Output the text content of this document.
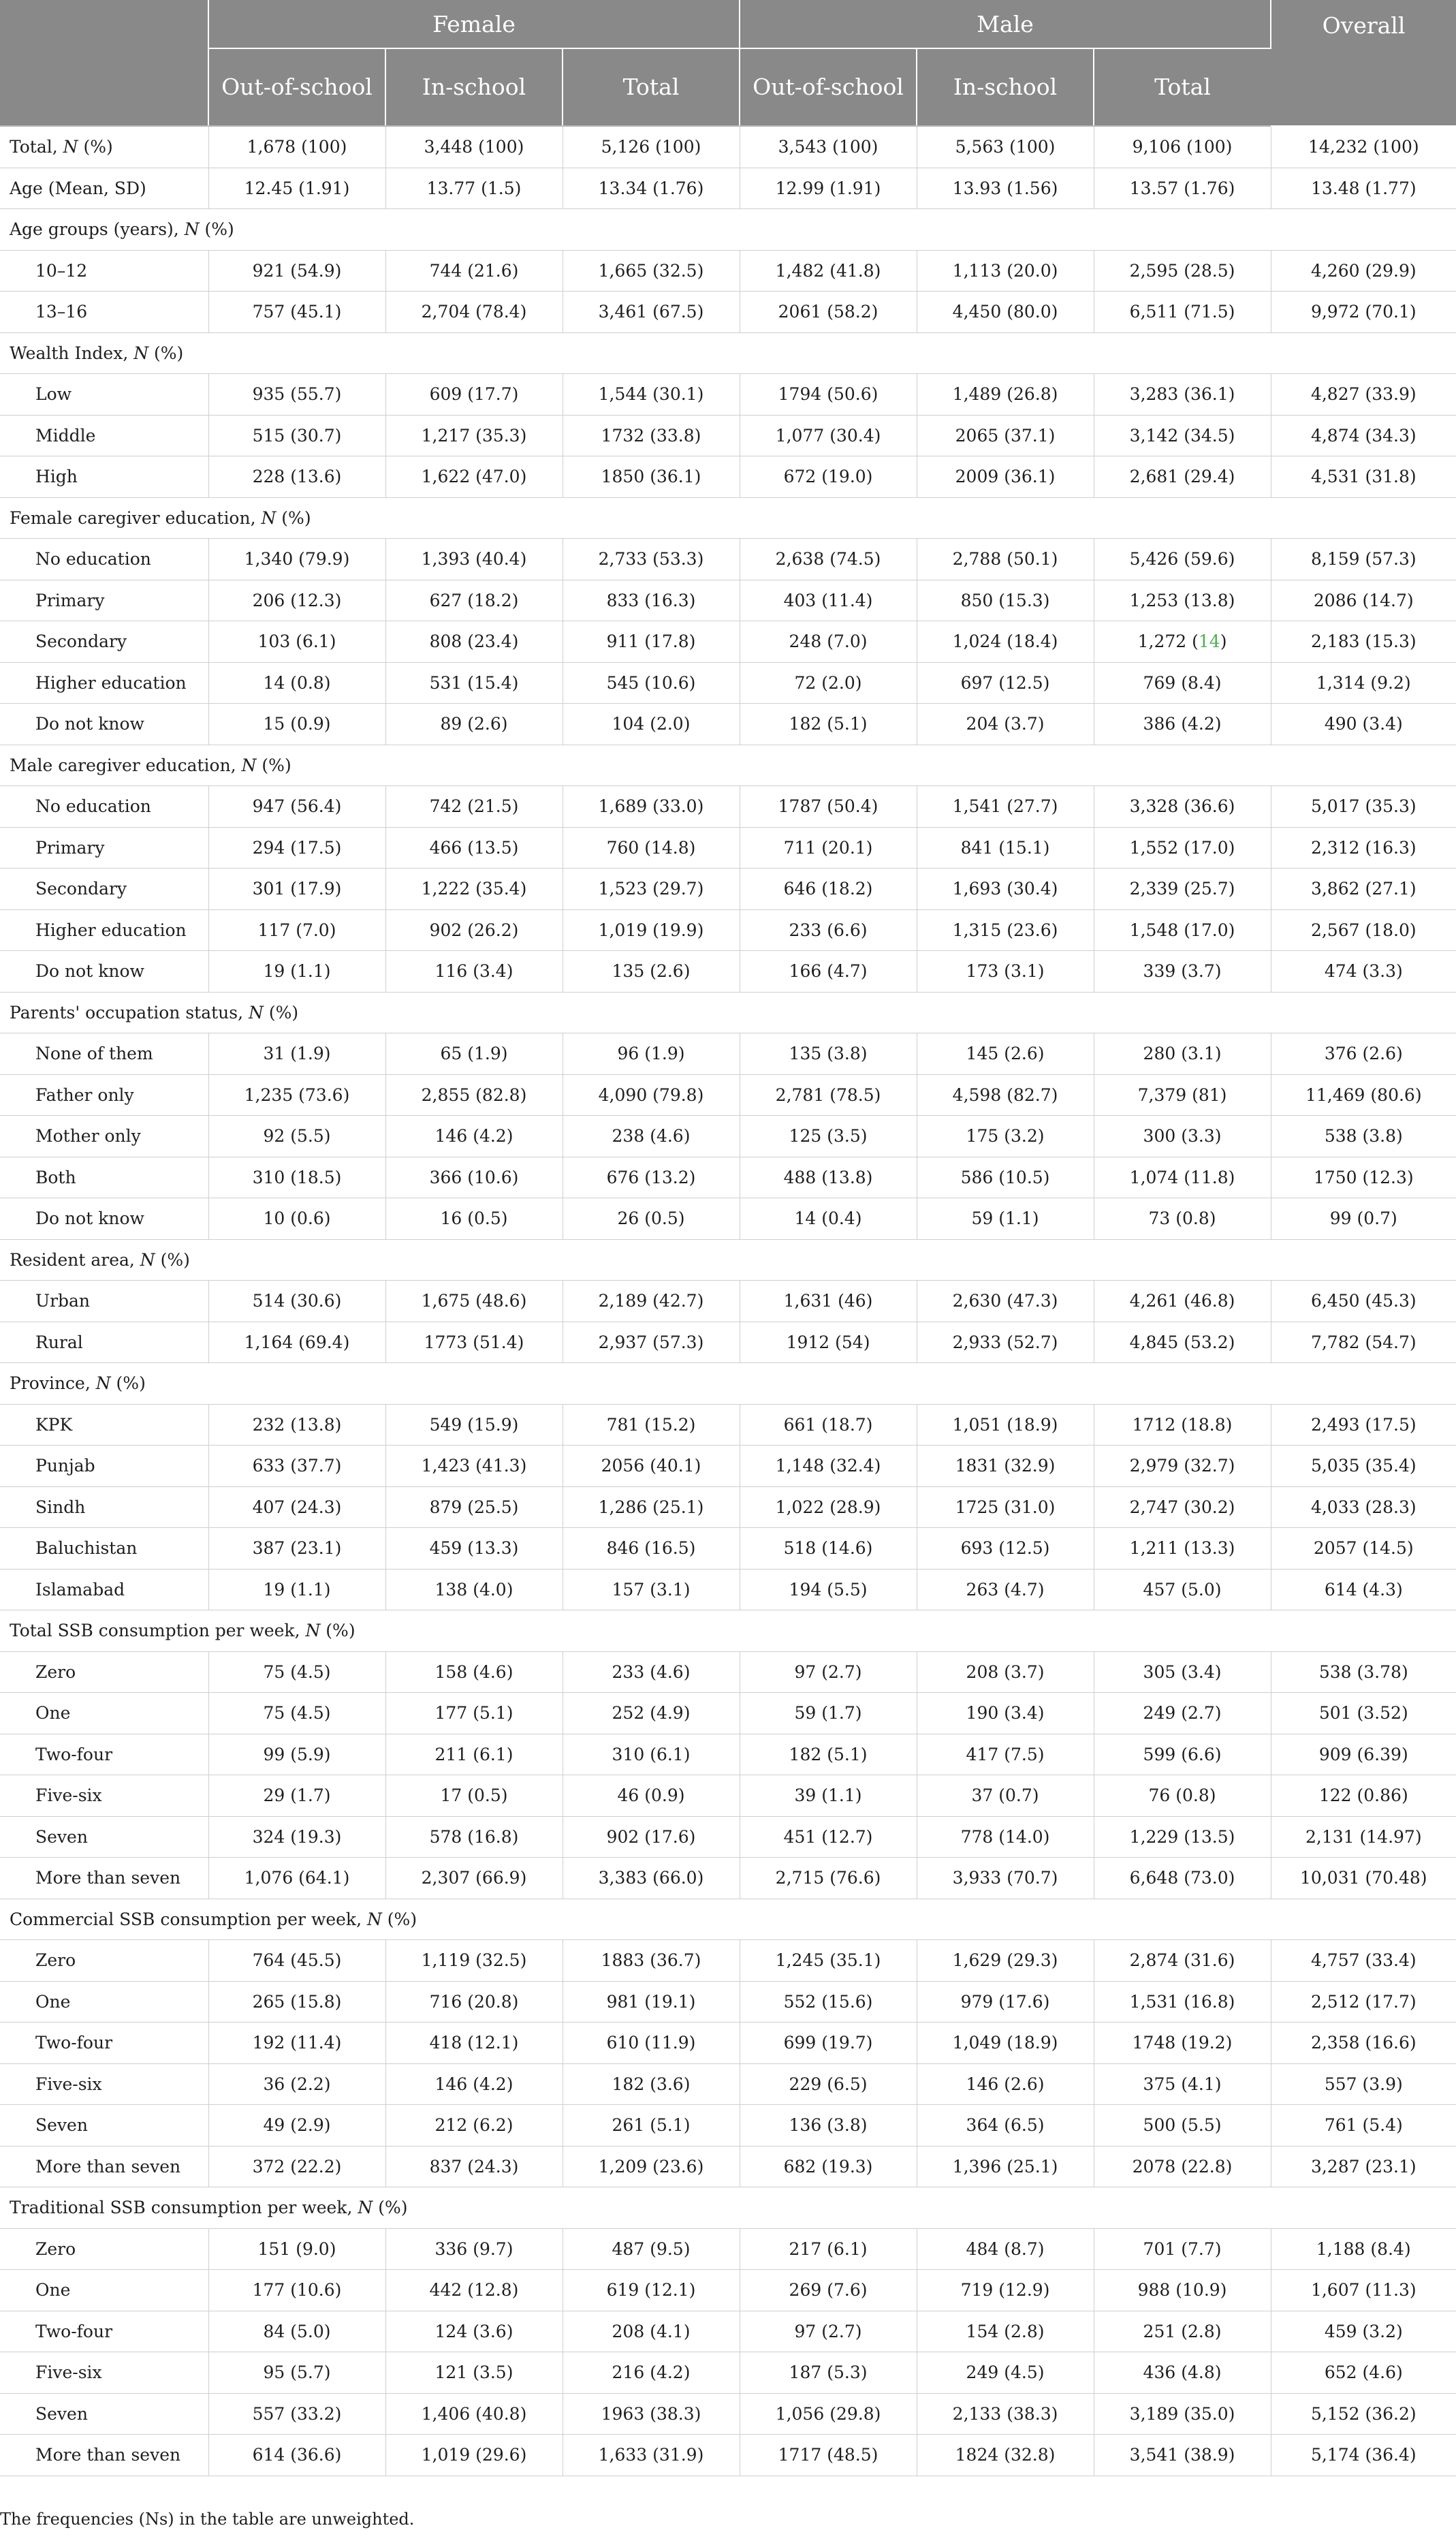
	Female			Male			Overall
	Out-of-school	In-school	Total	Out-of-school	In-school	Total	
Total, N (%)	1,678 (100)	3,448 (100)	5,126 (100)	3,543 (100)	5,563 (100)	9,106 (100)	14,232 (100)
Age (Mean, SD)	12.45 (1.91)	13.77 (1.5)	13.34 (1.76)	12.99 (1.91)	13.93 (1.56)	13.57 (1.76)	13.48 (1.77)
Age groups (years), N (%)							
10–12	921 (54.9)	744 (21.6)	1,665 (32.5)	1,482 (41.8)	1,113 (20.0)	2,595 (28.5)	4,260 (29.9)
13–16	757 (45.1)	2,704 (78.4)	3,461 (67.5)	2061 (58.2)	4,450 (80.0)	6,511 (71.5)	9,972 (70.1)
Wealth Index, N (%)							
Low	935 (55.7)	609 (17.7)	1,544 (30.1)	1794 (50.6)	1,489 (26.8)	3,283 (36.1)	4,827 (33.9)
Middle	515 (30.7)	1,217 (35.3)	1732 (33.8)	1,077 (30.4)	2065 (37.1)	3,142 (34.5)	4,874 (34.3)
High	228 (13.6)	1,622 (47.0)	1850 (36.1)	672 (19.0)	2009 (36.1)	2,681 (29.4)	4,531 (31.8)
Female caregiver education, N (%)							
No education	1,340 (79.9)	1,393 (40.4)	2,733 (53.3)	2,638 (74.5)	2,788 (50.1)	5,426 (59.6)	8,159 (57.3)
Primary	206 (12.3)	627 (18.2)	833 (16.3)	403 (11.4)	850 (15.3)	1,253 (13.8)	2086 (14.7)
Secondary	103 (6.1)	808 (23.4)	911 (17.8)	248 (7.0)	1,024 (18.4)	1,272 (14)	2,183 (15.3)
Higher education	14 (0.8)	531 (15.4)	545 (10.6)	72 (2.0)	697 (12.5)	769 (8.4)	1,314 (9.2)
Do not know	15 (0.9)	89 (2.6)	104 (2.0)	182 (5.1)	204 (3.7)	386 (4.2)	490 (3.4)
Male caregiver education, N (%)							
No education	947 (56.4)	742 (21.5)	1,689 (33.0)	1787 (50.4)	1,541 (27.7)	3,328 (36.6)	5,017 (35.3)
Primary	294 (17.5)	466 (13.5)	760 (14.8)	711 (20.1)	841 (15.1)	1,552 (17.0)	2,312 (16.3)
Secondary	301 (17.9)	1,222 (35.4)	1,523 (29.7)	646 (18.2)	1,693 (30.4)	2,339 (25.7)	3,862 (27.1)
Higher education	117 (7.0)	902 (26.2)	1,019 (19.9)	233 (6.6)	1,315 (23.6)	1,548 (17.0)	2,567 (18.0)
Do not know	19 (1.1)	116 (3.4)	135 (2.6)	166 (4.7)	173 (3.1)	339 (3.7)	474 (3.3)
Parents' occupation status, N (%)							
None of them	31 (1.9)	65 (1.9)	96 (1.9)	135 (3.8)	145 (2.6)	280 (3.1)	376 (2.6)
Father only	1,235 (73.6)	2,855 (82.8)	4,090 (79.8)	2,781 (78.5)	4,598 (82.7)	7,379 (81)	11,469 (80.6)
Mother only	92 (5.5)	146 (4.2)	238 (4.6)	125 (3.5)	175 (3.2)	300 (3.3)	538 (3.8)
Both	310 (18.5)	366 (10.6)	676 (13.2)	488 (13.8)	586 (10.5)	1,074 (11.8)	1750 (12.3)
Do not know	10 (0.6)	16 (0.5)	26 (0.5)	14 (0.4)	59 (1.1)	73 (0.8)	99 (0.7)
Resident area, N (%)							
Urban	514 (30.6)	1,675 (48.6)	2,189 (42.7)	1,631 (46)	2,630 (47.3)	4,261 (46.8)	6,450 (45.3)
Rural	1,164 (69.4)	1773 (51.4)	2,937 (57.3)	1912 (54)	2,933 (52.7)	4,845 (53.2)	7,782 (54.7)
Province, N (%)							
KPK	232 (13.8)	549 (15.9)	781 (15.2)	661 (18.7)	1,051 (18.9)	1712 (18.8)	2,493 (17.5)
Punjab	633 (37.7)	1,423 (41.3)	2056 (40.1)	1,148 (32.4)	1831 (32.9)	2,979 (32.7)	5,035 (35.4)
Sindh	407 (24.3)	879 (25.5)	1,286 (25.1)	1,022 (28.9)	1725 (31.0)	2,747 (30.2)	4,033 (28.3)
Baluchistan	387 (23.1)	459 (13.3)	846 (16.5)	518 (14.6)	693 (12.5)	1,211 (13.3)	2057 (14.5)
Islamabad	19 (1.1)	138 (4.0)	157 (3.1)	194 (5.5)	263 (4.7)	457 (5.0)	614 (4.3)
Total SSB consumption per week, N (%)							
Zero	75 (4.5)	158 (4.6)	233 (4.6)	97 (2.7)	208 (3.7)	305 (3.4)	538 (3.78)
One	75 (4.5)	177 (5.1)	252 (4.9)	59 (1.7)	190 (3.4)	249 (2.7)	501 (3.52)
Two-four	99 (5.9)	211 (6.1)	310 (6.1)	182 (5.1)	417 (7.5)	599 (6.6)	909 (6.39)
Five-six	29 (1.7)	17 (0.5)	46 (0.9)	39 (1.1)	37 (0.7)	76 (0.8)	122 (0.86)
Seven	324 (19.3)	578 (16.8)	902 (17.6)	451 (12.7)	778 (14.0)	1,229 (13.5)	2,131 (14.97)
More than seven	1,076 (64.1)	2,307 (66.9)	3,383 (66.0)	2,715 (76.6)	3,933 (70.7)	6,648 (73.0)	10,031 (70.48)
Commercial SSB consumption per week, N (%)							
Zero	764 (45.5)	1,119 (32.5)	1883 (36.7)	1,245 (35.1)	1,629 (29.3)	2,874 (31.6)	4,757 (33.4)
One	265 (15.8)	716 (20.8)	981 (19.1)	552 (15.6)	979 (17.6)	1,531 (16.8)	2,512 (17.7)
Two-four	192 (11.4)	418 (12.1)	610 (11.9)	699 (19.7)	1,049 (18.9)	1748 (19.2)	2,358 (16.6)
Five-six	36 (2.2)	146 (4.2)	182 (3.6)	229 (6.5)	146 (2.6)	375 (4.1)	557 (3.9)
Seven	49 (2.9)	212 (6.2)	261 (5.1)	136 (3.8)	364 (6.5)	500 (5.5)	761 (5.4)
More than seven	372 (22.2)	837 (24.3)	1,209 (23.6)	682 (19.3)	1,396 (25.1)	2078 (22.8)	3,287 (23.1)
Traditional SSB consumption per week, N (%)							
Zero	151 (9.0)	336 (9.7)	487 (9.5)	217 (6.1)	484 (8.7)	701 (7.7)	1,188 (8.4)
One	177 (10.6)	442 (12.8)	619 (12.1)	269 (7.6)	719 (12.9)	988 (10.9)	1,607 (11.3)
Two-four	84 (5.0)	124 (3.6)	208 (4.1)	97 (2.7)	154 (2.8)	251 (2.8)	459 (3.2)
Five-six	95 (5.7)	121 (3.5)	216 (4.2)	187 (5.3)	249 (4.5)	436 (4.8)	652 (4.6)
Seven	557 (33.2)	1,406 (40.8)	1963 (38.3)	1,056 (29.8)	2,133 (38.3)	3,189 (35.0)	5,152 (36.2)
More than seven	614 (36.6)	1,019 (29.6)	1,633 (31.9)	1717 (48.5)	1824 (32.8)	3,541 (38.9)	5,174 (36.4)
The frequencies (Ns) in the table are unweighted.
